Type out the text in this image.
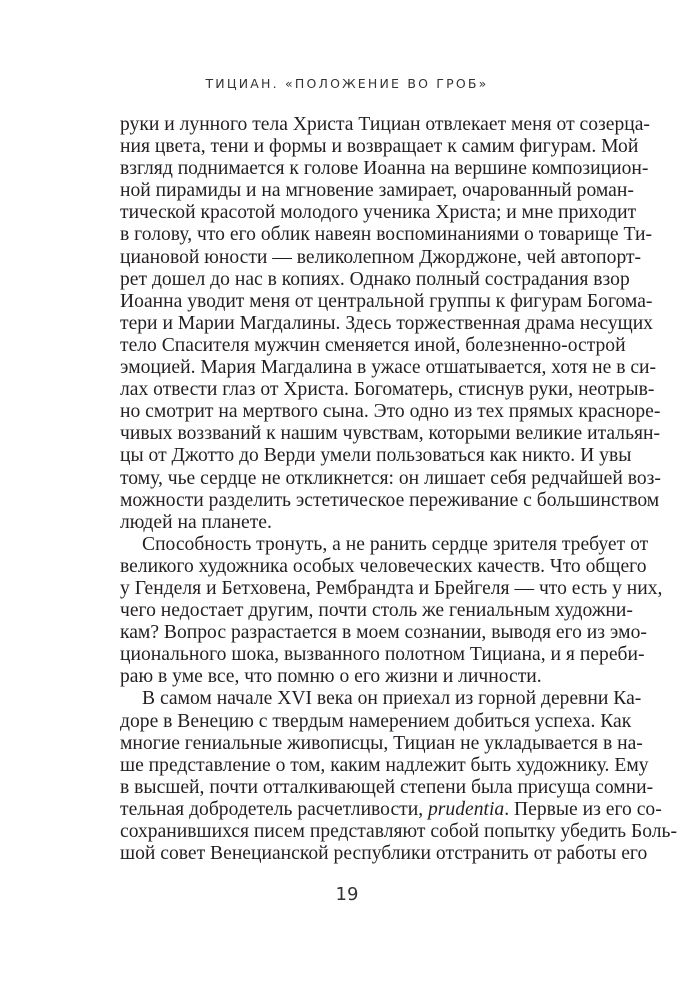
ТИЦИАН. «ПОЛОЖЕНИЕ ВО ГРОБ»
руки и лунного тела Христа Тициан отвлекает меня от созерца-
ния цвета, тени и формы и возвращает к самим фигурам. Мой
взгляд поднимается к голове Иоанна на вершине композицион-
ной пирамиды и на мгновение замирает, очарованный роман-
тической красотой молодого ученика Христа; и мне приходит
в голову, что его облик навеян воспоминаниями о товарище Ти-
циановой юности — великолепном Джорджоне, чей автопорт-
рет дошел до нас в копиях. Однако полный сострадания взор
Иоанна уводит меня от центральной группы к фигурам Богома-
тери и Марии Магдалины. Здесь торжественная драма несущих
тело Спасителя мужчин сменяется иной, болезненно-острой
эмоцией. Мария Магдалина в ужасе отшатывается, хотя не в си-
лах отвести глаз от Христа. Богоматерь, стиснув руки, неотрыв-
но смотрит на мертвого сына. Это одно из тех прямых красноре-
чивых воззваний к нашим чувствам, которыми великие итальян-
цы от Джотто до Верди умели пользоваться как никто. И увы
тому, чье сердце не откликнется: он лишает себя редчайшей воз-
можности разделить эстетическое переживание с большинством
людей на планете.
Способность тронуть, а не ранить сердце зрителя требует от
великого художника особых человеческих качеств. Что общего
у Генделя и Бетховена, Рембрандта и Брейгеля — что есть у них,
чего недостает другим, почти столь же гениальным художни-
кам? Вопрос разрастается в моем сознании, выводя его из эмо-
ционального шока, вызванного полотном Тициана, и я переби-
раю в уме все, что помню о его жизни и личности.
В самом начале XVI века он приехал из горной деревни Ка-
доре в Венецию с твердым намерением добиться успеха. Как
многие гениальные живописцы, Тициан не укладывается в на-
ше представление о том, каким надлежит быть художнику. Ему
в высшей, почти отталкивающей степени была присуща сомни-
тельная добродетель расчетливости, prudentia. Первые из его со-
сохранившихся писем представляют собой попытку убедить Боль-
шой совет Венецианской республики отстранить от работы его
19
